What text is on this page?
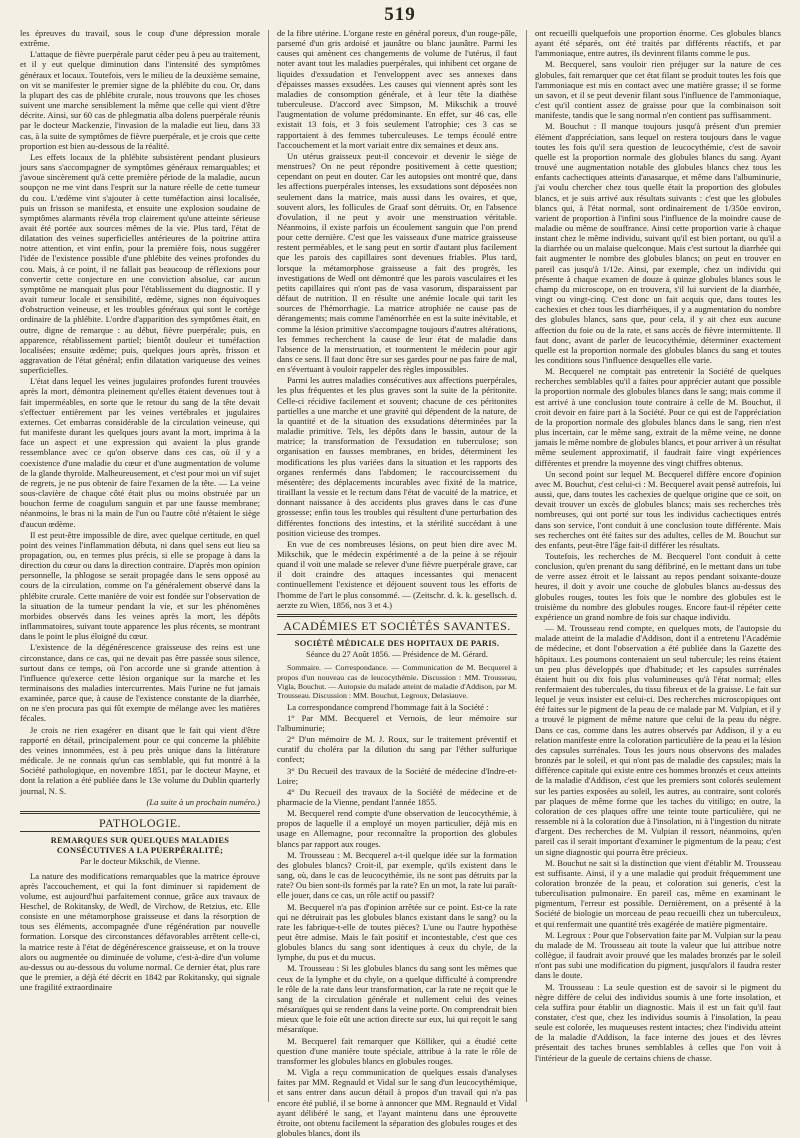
519

les épreuves du travail, sous le coup d'une dépression morale extrême.

L'attaque de fièvre puerpérale parut céder peu à peu au traitement, et il y eut quelque diminution dans l'intensité des symptômes généraux et locaux. Toutefois, vers le milieu de la deuxième semaine, on vit se manifester le premier signe de la phlébite du cou. Or, dans la plupart des cas de phlébite crurale, nous trouvons que les choses suivent une marche sensiblement la même que celle qui vient d'être décrite. Ainsi, sur 60 cas de phlegmatia alba dolens puerpérale réunis par le docteur Mackenzie, l'invasion de la maladie eut lieu, dans 33 cas, à la suite de symptômes de fièvre puerpérale, et je crois que cette proportion est bien au-dessous de la réalité.

Les effets locaux de la phlébite subsistèrent pendant plusieurs jours sans s'accompagner de symptômes généraux remarquables; et j'avoue sincèrement qu'à cette première période de la maladie, aucun soupçon ne me vint dans l'esprit sur la nature réelle de cette tumeur du cou. L'œdème vint s'ajouter à cette tuméfaction ainsi localisée, puis un frisson se manifesta, et ensuite une explosion soudaine de symptômes alarmants révéla trop clairement qu'une atteinte sérieuse avait été portée aux sources mêmes de la vie. Plus tard, l'état de dilatation des veines superficielles antérieures de la poitrine attira notre attention, et vint enfin, pour la première fois, nous suggérer l'idée de l'existence possible d'une phlébite des veines profondes du cou. Mais, à ce point, il ne fallait pas beaucoup de réflexions pour convertir cette conjecture en une conviction absolue, car aucun symptôme ne manquait plus pour l'établissement du diagnostic. Il y avait tumeur locale et sensibilité, œdème, signes non équivoques d'obstruction veineuse, et les troubles généraux qui sont le cortège ordinaire de la phlébite. L'ordre d'apparition des symptômes était, en outre, digne de remarque : au début, fièvre puerpérale; puis, en apparence, rétablissement partiel; bientôt douleur et tuméfaction localisées; ensuite œdème; puis, quelques jours après, frisson et aggravation de l'état général; enfin dilatation variqueuse des veines superficielles.

L'état dans lequel les veines jugulaires profondes furent trouvées après la mort, démontra pleinement qu'elles étaient devenues tout à fait imperméables, en sorte que le retour du sang de la tête devait s'effectuer entièrement par les veines vertébrales et jugulaires externes. Cet embarras considérable de la circulation veineuse, qui fut manifeste durant les quelques jours avant la mort, imprima à la face un aspect et une expression qui avaient la plus grande ressemblance avec ce qu'on observe dans ces cas, où il y a coexistence d'une maladie du cœur et d'une augmentation de volume de la glande thyroïde. Malheureusement, et c'est pour moi un vif sujet de regrets, je ne pus obtenir de faire l'examen de la tête. — La veine sous-clavière de chaque côté était plus ou moins obstruée par un bouchon ferme de coagulum sanguin et par une fausse membrane; néanmoins, le bras ni la main de l'un ou l'autre côté n'étaient le siège d'aucun œdème.

Il est peut-être impossible de dire, avec quelque certitude, en quel point des veines l'inflammation débuta, ni dans quel sens eut lieu sa propagation, ou, en termes plus précis, si elle se propage à dans la direction du cœur ou dans la direction contraire. D'après mon opinion personnelle, la phlogose se serait propagée dans le sens opposé au cours de la circulation, comme on l'a généralement observé dans la phlébite crurale. Cette manière de voir est fondée sur l'observation de la situation de la tumeur pendant la vie, et sur les phénomènes morbides observés dans les veines après la mort, les dépôts inflammatoires, suivant toute apparence les plus récents, se montrant dans le point le plus éloigné du cœur.

L'existence de la dégénérescence graisseuse des reins est une circonstance, dans ce cas, qui ne devait pas être passée sous silence, surtout dans ce temps, où l'on accorde une si grande attention à l'influence qu'exerce cette lésion organique sur la marche et les terminaisons des maladies intercurrentes. Mais l'urine ne fut jamais examinée, parce que, à cause de l'existence constante de la diarrhée, on ne s'en procura pas qui fût exempte de mélange avec les matières fécales.

Je crois ne rien exagérer en disant que le fait qui vient d'être rapporté en détail, principalement pour ce qui concerne la phlébite des veines innommées, est à peu près unique dans la littérature médicale. Je ne connais qu'un cas semblable, qui fut montré à la Société pathologique, en novembre 1851, par le docteur Mayne, et dont la relation a été publiée dans le 13e volume du Dublin quarterly journal, N. S.

(La suite à un prochain numéro.)

PATHOLOGIE.
REMARQUES SUR QUELQUES MALADIES CONSÉCUTIVES A LA PUERPÉRALITÉ;
Par le docteur Mikschik, de Vienne.

La nature des modifications remarquables que la matrice éprouve après l'accouchement, et qui la font diminuer si rapidement de volume, est aujourd'hui parfaitement connue, grâce aux travaux de Heschel, de Rokitansky, de Wedl, de Virchow, de Retzius, etc. Elle consiste en une métamorphose graisseuse et dans la résorption de tous ses éléments, accompagnée d'une régénération par nouvelle formation. Lorsque des circonstances défavorables arrêtent celle-ci, la matrice reste à l'état de dégénérescence graisseuse, et on la trouve alors ou augmentée ou diminuée de volume, c'est-à-dire d'un volume au-dessus ou au-dessous du volume normal. Ce dernier état, plus rare que le premier, a déjà été décrit en 1842 par Rokitansky, qui signale une fragilité extraordinaire

de la fibre utérine. L'organe reste en général poreux, d'un rouge-pâle, parsemé d'un gris ardoisé et jaunâtre ou blanc jaunâtre. Parmi les causes qui amènent ces changements de volume de l'utérus, il faut noter avant tout les maladies puerpérales, qui inhibent cet organe de liquides d'exsudation et l'enveloppent avec ses annexes dans d'épaisses masses exsudées. Les causes qui viennent après sont les maladies de consomption générale, et à leur tête la diathèse tuberculeuse. D'accord avec Simpson, M. Mikschik a trouvé l'augmentation de volume prédominante. En effet, sur 46 cas, elle existait 13 fois, et 3 fois seulement l'atrophie; ces 3 cas se rapportaient à des femmes tuberculeuses. Le temps écoulé entre l'accouchement et la mort variait entre dix semaines et deux ans.

Un utérus graisseux peut-il concevoir et devenir le siège de menstrues? On ne peut répondre positivement à cette question; cependant on peut en douter. Car les autopsies ont montré que, dans les affections puerpérales intenses, les exsudations sont déposées non seulement dans la matrice, mais aussi dans les ovaires, et que, souvent alors, les follicules de Graaf sont détruits. Or, en l'absence d'ovulation, il ne peut y avoir une menstruation véritable. Néanmoins, il existe parfois un écoulement sanguin que l'on prend pour cette dernière. C'est que les vaisseaux d'une matrice graisseuse restent perméables, et le sang peut en sortir d'autant plus facilement que les parois des capillaires sont devenues friables. Plus tard, lorsque la métamorphose graisseuse a fait des progrès, les investigations de Wedl ont démontré que les parois vasculaires et les petits capillaires qui n'ont pas de vasa vasorum, disparaissent par défaut de nutrition. Il en résulte une anémie locale qui tarit les sources de l'hémorrhagie. La matrice atrophiée ne cause pas de dérangements; mais comme l'aménorrhée en est la suite inévitable, et comme la lésion primitive s'accompagne toujours d'autres altérations, les femmes recherchent la cause de leur état de maladie dans l'absence de la menstruation, et tourmentent le médecin pour agir dans ce sens. Il faut donc être sur ses gardes pour ne pas faire de mal, en s'évertuant à vouloir rappeler des règles impossibles.

Parmi les autres maladies consécutives aux affections puerpérales, les plus fréquentes et les plus graves sont la suite de la péritonite. Celle-ci récidive facilement et souvent; chacune de ces péritonites partielles a une marche et une gravité qui dépendent de la nature, de la quantité et de la situation des exsudations déterminées par la maladie primitive. Tels, les dépôts dans le bassin, autour de la matrice; la transformation de l'exsudation en tuberculose; son organisation en fausses membranes, en brides, déterminent les modifications les plus variées dans la situation et les rapports des organes renfermés dans l'abdomen; le raccourcissement du mésentère; des déplacements incurables avec fixité de la matrice, tiraillant la vessie et le rectum dans l'état de vacuité de la matrice, et donnant naissance à des accidents plus graves dans le cas d'une grossesse; enfin tous les troubles qui résultent d'une perturbation des différentes fonctions des intestins, et la stérilité succédant à une position vicieuse des trompes.

En vue de ces nombreuses lésions, on peut bien dire avec M. Mikschik, que le médecin expérimenté a de la peine à se réjouir quand il voit une malade se relever d'une fièvre puerpérale grave, car il doit craindre des attaques incessantes qui menacent continuellement l'existence et déjouent souvent tous les efforts de l'homme de l'art le plus consommé. — (Zeitschr. d. k. k. gesellsch. d. aerzte zu Wien, 1856, nos 3 et 4.)

ACADÉMIES ET SOCIÉTÉS SAVANTES.
SOCIÉTÉ MÉDICALE DES HOPITAUX DE PARIS.
Séance du 27 Août 1856. — Présidence de M. Gérard.

Sommaire. — Correspondance. — Communication de M. Becquerel à propos d'un nouveau cas de leucocythémie. Discussion : MM. Trousseau, Vigla, Bouchut. — Autopsie du malade atteint de maladie d'Addison, par M. Trousseau. Discussion : MM. Bouchut, Legroux, Delasiauve.

La correspondance comprend l'hommage fait à la Société :

1° Par MM. Becquerel et Vernois, de leur mémoire sur l'albuminurie;

2° D'un mémoire de M. J. Roux, sur le traitement préventif et curatif du choléra par la dilution du sang par l'éther sulfurique confect;

3° Du Recueil des travaux de la Société de médecine d'Indre-et-Loire;

4° Du Recueil des travaux de la Société de médecine et de pharmacie de la Vienne, pendant l'année 1855.

M. Becquerel rend compte d'une observation de leucocythémie, à propos de laquelle il a employé un moyen particulier, déjà mis en usage en Allemagne, pour reconnaître la proportion des globules blancs par rapport aux rouges.

M. Trousseau : M. Becquerel a-t-il quelque idée sur la formation des globules blancs? Croit-il, par exemple, qu'ils existent dans le sang, où, dans le cas de leucocythémie, ils ne sont pas détruits par la rate? Ou bien sont-ils formés par la rate? En un mot, la rate lui paraît-elle jouer, dans ce cas, un rôle actif ou passif?

M. Becquerel n'a pas d'opinion arrêtée sur ce point. Est-ce la rate qui ne détruirait pas les globules blancs existant dans le sang? ou la rate les fabrique-t-elle de toutes pièces? L'une ou l'autre hypothèse peut être admise. Mais le fait positif et incontestable, c'est que ces globules blancs du sang sont identiques à ceux du chyle, de la lymphe, du pus et du mucus.

M. Trousseau : Si les globules blancs du sang sont les mêmes que ceux de la lymphe et du chyle, on a quelque difficulté à comprendre le rôle de la rate dans leur transformation, car la rate ne reçoit que le sang de la circulation générale et nullement celui des veines mésaraïques qui se rendent dans la veine porte. On comprendrait bien mieux que le foie eût une action directe sur eux, lui qui reçoit le sang mésaraïque.

M. Becquerel fait remarquer que Kölliker, qui a étudié cette question d'une manière toute spéciale, attribue à la rate le rôle de transformer les globules blancs en globules rouges.

M. Vigla a reçu communication de quelques essais d'analyses faites par MM. Regnauld et Vidal sur le sang d'un leucocythémique, et sans entrer dans aucun détail à propos d'un travail qui n'a pas encore été publié, il se borne à annoncer que MM. Regnauld et Vidal ayant délibéré le sang, et l'ayant maintenu dans une éprouvette étroite, ont obtenu facilement la séparation des globules rouges et des globules blancs, dont ils

ont recueilli quelquefois une proportion énorme. Ces globules blancs ayant été séparés, ont été traités par différents réactifs, et par l'ammoniaque, entre autres, ils devinrent filants comme le pus.

M. Becquerel, sans vouloir rien préjuger sur la nature de ces globules, fait remarquer que cet état filant se produit toutes les fois que l'ammoniaque est mis en contact avec une matière grasse; il se forme un savon, et il se peut devenir filant sous l'influence de l'ammoniaque, c'est qu'il contient assez de graisse pour que la combinaison soit manifeste, tandis que le sang normal n'en contient pas suffisamment.

M. Bouchut : Il manque toujours jusqu'à présent d'un premier élément d'appréciation, sans lequel on restera toujours dans le vague toutes les fois qu'il sera question de leucocythémie, c'est de savoir quelle est la proportion normale des globules blancs du sang. Ayant trouvé une augmentation notable des globules blancs chez tous les enfants cachectiques atteints d'anasarque, et même dans l'albuminurie, j'ai voulu chercher chez tous quelle était la proportion des globules blancs, et je suis arrivé aux résultats suivants : c'est que les globules blancs qui, à l'état normal, sont ordinairement de 1/350e environ, varient de proportion à l'infini sous l'influence de la moindre cause de maladie ou même de souffrance. Ainsi cette proportion varie à chaque instant chez le même individu, suivant qu'il est bien portant, ou qu'il a la diarrhée ou un malaise quelconque. Mais c'est surtout la diarrhée qui fait augmenter le nombre des globules blancs; on peut en trouver en pareil cas jusqu'à 1/12e. Ainsi, par exemple, chez un individu qui présente à chaque examen de douze à quinze globules blancs sous le champ du microscope, on en trouvera, s'il lui survient de la diarrhée, vingt ou vingt-cinq. C'est donc un fait acquis que, dans toutes les cachexies et chez tous les diarrhéiques, il y a augmentation du nombre des globules blancs, sans que, pour cela, il y ait chez eux aucune affection du foie ou de la rate, et sans accès de fièvre intermittente. Il faut donc, avant de parler de leucocythémie, déterminer exactement quelle est la proportion normale des globules blancs du sang et toutes les conditions sous l'influence desquelles elle varie.

M. Becquerel ne comptait pas entretenir la Société de quelques recherches semblables qu'il a faites pour apprécier autant que possible la proportion normale des globules blancs dans le sang; mais comme il est arrivé à une conclusion toute contraire à celle de M. Bouchut, il croit devoir en faire part à la Société. Pour ce qui est de l'appréciation de la proportion normale des globules blancs dans le sang, rien n'est plus incertain, car le même sang, extrait de la même veine, ne donne jamais le même nombre de globules blancs, et pour arriver à un résultat même seulement approximatif, il faudrait faire vingt expériences différentes et prendre la moyenne des vingt chiffres obtenus.

Un second point sur lequel M. Becquerel diffère encore d'opinion avec M. Bouchut, c'est celui-ci : M. Becquerel avait pensé autrefois, lui aussi, que, dans toutes les cachexies de quelque origine que ce soit, on devait trouver un excès de globules blancs; mais ses recherches très nombreuses, qui ont porté sur tous les individus cachectiques entrés dans son service, l'ont conduit à une conclusion toute différente. Mais ses recherches ont été faites sur des adultes, celles de M. Bouchut sur des enfants, peut-être l'âge fait-il différer les résultats.

Toutefois, les recherches de M. Becquerel l'ont conduit à cette conclusion, qu'en prenant du sang défibriné, en le mettant dans un tube de verre assez étroit et le laissant au repos pendant soixante-douze heures, il doit y avoir une couche de globules blancs au-dessus des globules rouges, toutes les fois que le nombre des globules est le troisième du nombre des globules rouges. Encore faut-il répéter cette expérience un grand nombre de fois sur chaque individu.

— M. Trousseau rend compte, en quelques mots, de l'autopsie du malade atteint de la maladie d'Addison, dont il a entretenu l'Académie de médecine, et dont l'observation a été publiée dans la Gazette des hôpitaux. Les poumons contenaient un seul tubercule; les reins étaient un peu plus développés que d'habitude; et les capsules surrénales étaient huit ou dix fois plus volumineuses qu'à l'état normal; elles renfermaient des tubercules, du tissu fibreux et de la graisse. Le fait sur lequel je veux insister est celui-ci. Des recherches microscopiques ont été faites sur le pigment de la peau de ce malade par M. Vulpian, et il y a trouvé le pigment de même nature que celui de la peau du nègre. Dans ce cas, comme dans les autres observés par Addison, il y a eu relation manifeste entre la coloration particulière de la peau et la lésion des capsules surrénales. Tous les jours nous observons des malades bronzés par le soleil, et qui n'ont pas de maladie des capsules; mais la différence capitale qui existe entre ces hommes bronzés et ceux atteints de la maladie d'Addison, c'est que les premiers sont colorés seulement sur les parties exposées au soleil, les autres, au contraire, sont colorés par plaques de même forme que les taches du vitiligo; en outre, la coloration de ces plaques offre une teinte toute particulière, qui ne ressemble ni à la coloration due à l'insolation, ni à l'ingestion du nitrate d'argent. Des recherches de M. Vulpian il ressort, néanmoins, qu'en pareil cas il serait important d'examiner le pigmentum de la peau; c'est un signe diagnostic qui pourra être précieux.

M. Bouchut ne sait si la distinction que vient d'établir M. Trousseau est suffisante. Ainsi, il y a une maladie qui produit fréquemment une coloration bronzée de la peau, et coloration sui generis, c'est la tuberculisation pulmonaire. En pareil cas, même en examinant le pigmentum, l'erreur est possible. Dernièrement, on a présenté à la Société de biologie un morceau de peau recueilli chez un tuberculeux, et qui renfermait une quantité très exagérée de matière pigmentaire.

M. Legroux : Pour que l'observation faite par M. Vulpian sur la peau du malade de M. Trousseau ait toute la valeur que lui attribue notre collègue, il faudrait avoir prouvé que les malades bronzés par le soleil n'ont pas subi une modification du pigment, jusqu'alors il faudra rester dans le doute.

M. Trousseau : La seule question est de savoir si le pigment du nègre diffère de celui des individus soumis à une forte insolation, et cela suffira pour établir un diagnostic. Mais il est un fait qu'il faut constater, c'est que, chez les individus soumis à l'insolation, la peau seule est colorée, les muqueuses restent intactes; chez l'individu atteint de la maladie d'Addison, la face interne des joues et des lèvres présentait des taches brunes semblables à celles que l'on voit à l'intérieur de la gueule de certains chiens de chasse.
